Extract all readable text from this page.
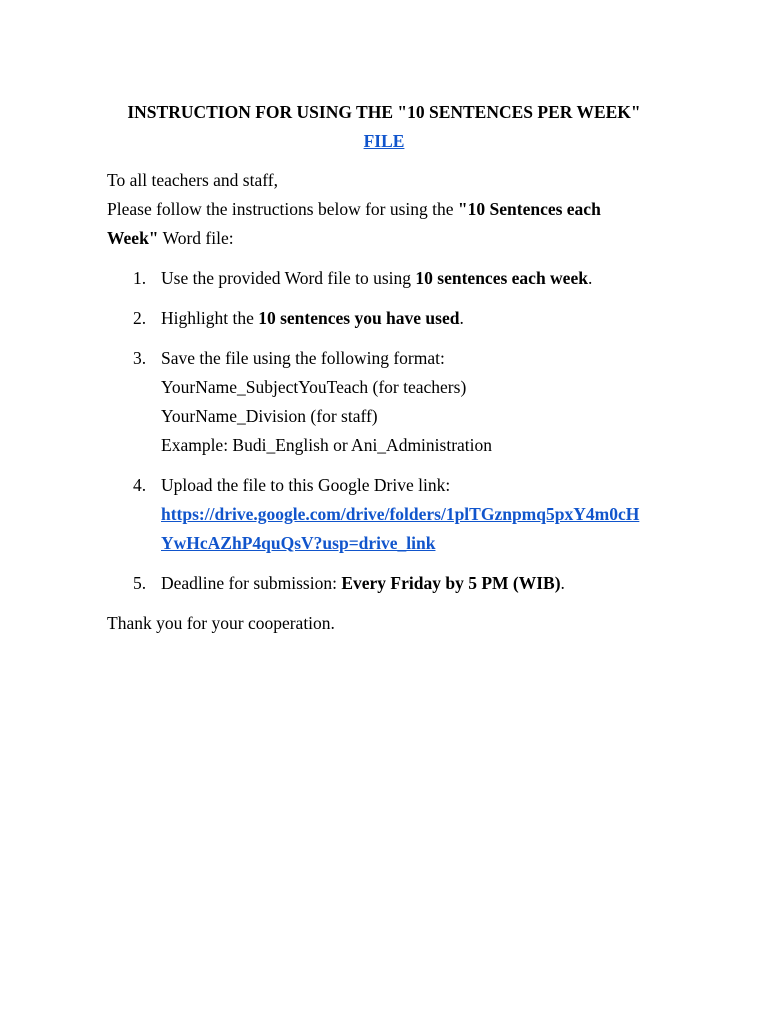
INSTRUCTION FOR USING THE "10 SENTENCES PER WEEK"
FILE

To all teachers and staff,

Please follow the instructions below for using the "10 Sentences each
Week" Word file:

1. Use the provided Word file to using 10 sentences each week.
2. Highlight the 10 sentences you have used.
3. Save the file using the following format:
YourName_SubjectYouTeach (for teachers)
YourName_Division (for staff)
Example: Budi_English or Ani_Administration
4. Upload the file to this Google Drive link:
https://drive.google.com/drive/folders/1plTGznpmq5pxY4m0cH
YwHcAZhP4quQsV?usp=drive_link
5. Deadline for submission: Every Friday by 5 PM (WIB).

Thank you for your cooperation.
